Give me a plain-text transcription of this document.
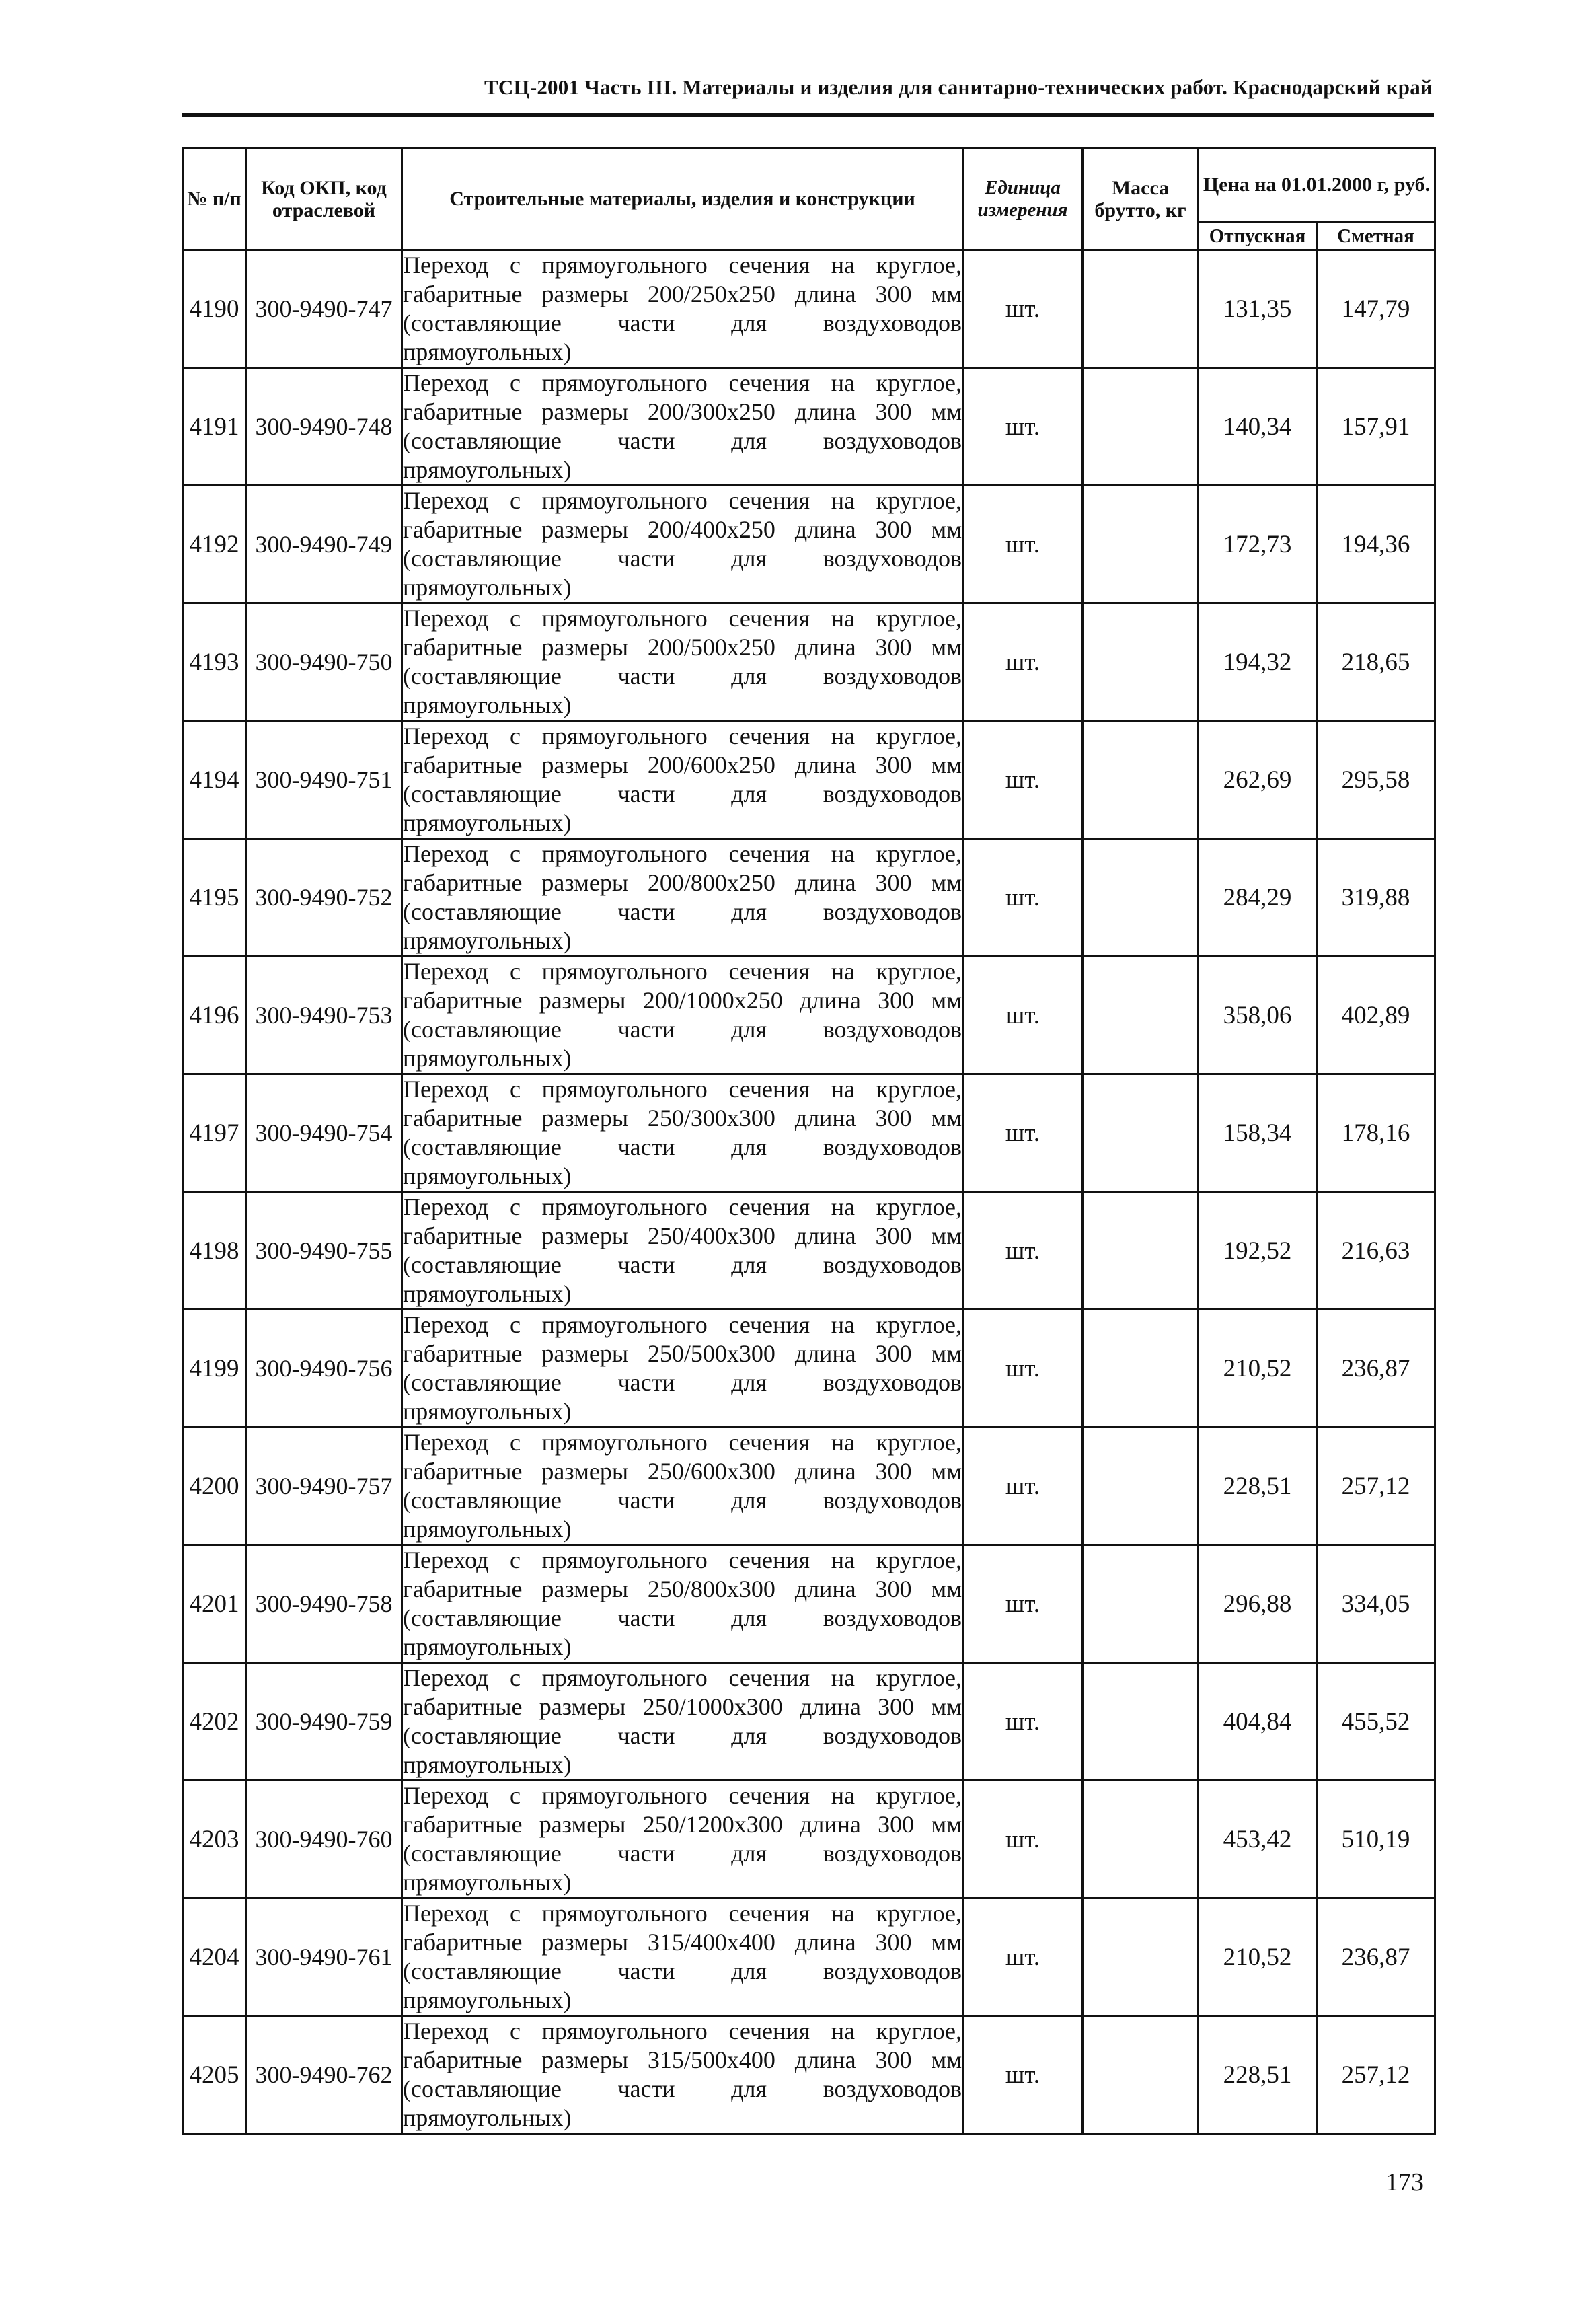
ТСЦ-2001 Часть III. Материалы и изделия для санитарно-технических работ. Краснодарский край
№ п/п	Код ОКП, код отраслевой	Строительные материалы, изделия и конструкции	Единица измерения	Масса брутто, кг	Цена на 01.01.2000 г, руб.	
					Отпускная	Сметная
4190	300-9490-747	Переход с прямоугольного сечения на круглое, габаритные размеры 200/250х250 длина 300 мм (составляющие части для воздуховодов прямоугольных)	шт.		131,35	147,79
4191	300-9490-748	Переход с прямоугольного сечения на круглое, габаритные размеры 200/300х250 длина 300 мм (составляющие части для воздуховодов прямоугольных)	шт.		140,34	157,91
4192	300-9490-749	Переход с прямоугольного сечения на круглое, габаритные размеры 200/400х250 длина 300 мм (составляющие части для воздуховодов прямоугольных)	шт.		172,73	194,36
4193	300-9490-750	Переход с прямоугольного сечения на круглое, габаритные размеры 200/500х250 длина 300 мм (составляющие части для воздуховодов прямоугольных)	шт.		194,32	218,65
4194	300-9490-751	Переход с прямоугольного сечения на круглое, габаритные размеры 200/600х250 длина 300 мм (составляющие части для воздуховодов прямоугольных)	шт.		262,69	295,58
4195	300-9490-752	Переход с прямоугольного сечения на круглое, габаритные размеры 200/800х250 длина 300 мм (составляющие части для воздуховодов прямоугольных)	шт.		284,29	319,88
4196	300-9490-753	Переход с прямоугольного сечения на круглое, габаритные размеры 200/1000х250 длина 300 мм (составляющие части для воздуховодов прямоугольных)	шт.		358,06	402,89
4197	300-9490-754	Переход с прямоугольного сечения на круглое, габаритные размеры 250/300х300 длина 300 мм (составляющие части для воздуховодов прямоугольных)	шт.		158,34	178,16
4198	300-9490-755	Переход с прямоугольного сечения на круглое, габаритные размеры 250/400х300 длина 300 мм (составляющие части для воздуховодов прямоугольных)	шт.		192,52	216,63
4199	300-9490-756	Переход с прямоугольного сечения на круглое, габаритные размеры 250/500х300 длина 300 мм (составляющие части для воздуховодов прямоугольных)	шт.		210,52	236,87
4200	300-9490-757	Переход с прямоугольного сечения на круглое, габаритные размеры 250/600х300 длина 300 мм (составляющие части для воздуховодов прямоугольных)	шт.		228,51	257,12
4201	300-9490-758	Переход с прямоугольного сечения на круглое, габаритные размеры 250/800х300 длина 300 мм (составляющие части для воздуховодов прямоугольных)	шт.		296,88	334,05
4202	300-9490-759	Переход с прямоугольного сечения на круглое, габаритные размеры 250/1000х300 длина 300 мм (составляющие части для воздуховодов прямоугольных)	шт.		404,84	455,52
4203	300-9490-760	Переход с прямоугольного сечения на круглое, габаритные размеры 250/1200х300 длина 300 мм (составляющие части для воздуховодов прямоугольных)	шт.		453,42	510,19
4204	300-9490-761	Переход с прямоугольного сечения на круглое, габаритные размеры 315/400х400 длина 300 мм (составляющие части для воздуховодов прямоугольных)	шт.		210,52	236,87
4205	300-9490-762	Переход с прямоугольного сечения на круглое, габаритные размеры 315/500х400 длина 300 мм (составляющие части для воздуховодов прямоугольных)	шт.		228,51	257,12
173
